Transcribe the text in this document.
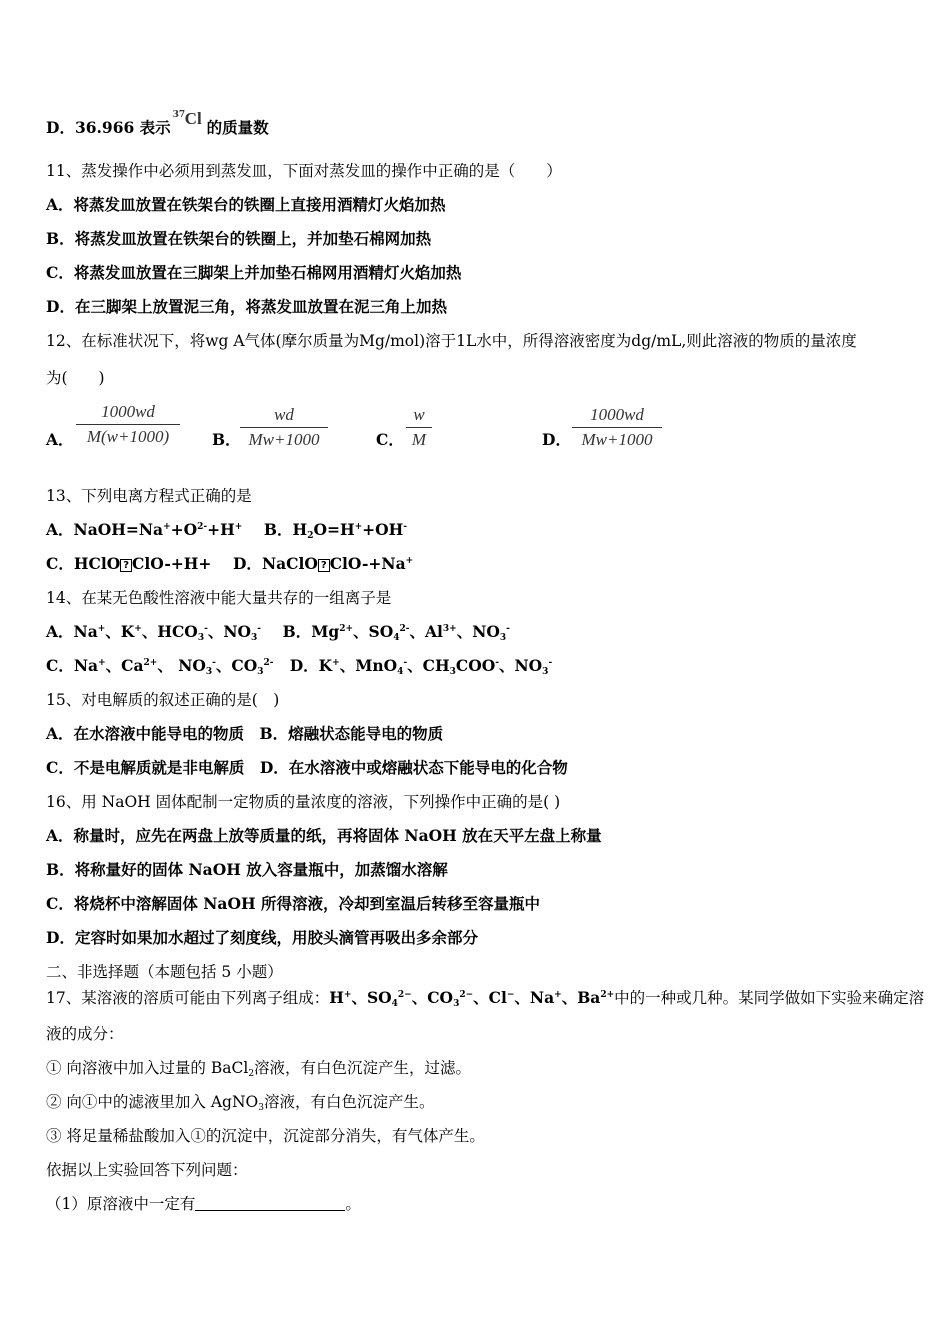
D．36.966 表示
37 Cl 的质量数
11、蒸发操作中必须用到蒸发皿，下面对蒸发皿的操作中正确的是（　　）
A．将蒸发皿放置在铁架台的铁圈上直接用酒精灯火焰加热
B．将蒸发皿放置在铁架台的铁圈上，并加垫石棉网加热
C．将蒸发皿放置在三脚架上并加垫石棉网用酒精灯火焰加热
D．在三脚架上放置泥三角，将蒸发皿放置在泥三角上加热
12、在标准状况下，将wg A气体(摩尔质量为Mg/mol)溶于1L水中，所得溶液密度为dg/mL,则此溶液的物质的量浓度
为(　　)
A．
1000wd
M(w+1000)	B．
wd
Mw+1000	C．
w
M	D．
1000wd
Mw+1000
13、下列电离方程式正确的是
A．$NaOH=Na^++O^{2-}+H^+$ B．$H_2O=H^++OH^-$
C．HClO ? ClO-+H+ D．NaClO ? ClO-+Na+
14、在某无色酸性溶液中能大量共存的一组离子是
A．Na+、K+、$HCO_3^-$、$NO_3^-$ B．$Mg^{2+}$、$SO_4^{2-}$、$Al^{3+}$、$NO_3^-$
C．Na+、$Ca^{2+}$、 $NO_3^-$、$CO_3^{2-}$ D．K+、MnO$_4$-、$CH_3COO^-$、$NO_3^-$
15、对电解质的叙述正确的是(　)
A．在水溶液中能导电的物质　B．熔融状态能导电的物质
C．不是电解质就是非电解质　D．在水溶液中或熔融状态下能导电的化合物
16、用 NaOH 固体配制一定物质的量浓度的溶液，下列操作中正确的是( )
A．称量时，应先在两盘上放等质量的纸，再将固体 NaOH 放在天平左盘上称量
B．将称量好的固体 NaOH 放入容量瓶中，加蒸馏水溶解
C．将烧杯中溶解固体 NaOH 所得溶液，冷却到室温后转移至容量瓶中
D．定容时如果加水超过了刻度线，用胶头滴管再吸出多余部分
二、非选择题（本题包括 5 小题）
17、某溶液的溶质可能由下列离子组成：H+、$SO_4^{2-}$、$CO_3^{2-}$、Cl−、Na+、$Ba^{2+}$中的一种或几种。某同学做如下实验来确定溶
液的成分：
① 向溶液中加入过量的 BaCl$_2$溶液，有白色沉淀产生，过滤。
② 向①中的滤液里加入 AgNO$_3$溶液，有白色沉淀产生。
③ 将足量稀盐酸加入①的沉淀中，沉淀部分消失，有气体产生。
依据以上实验回答下列问题：
（1）原溶液中一定有	。
